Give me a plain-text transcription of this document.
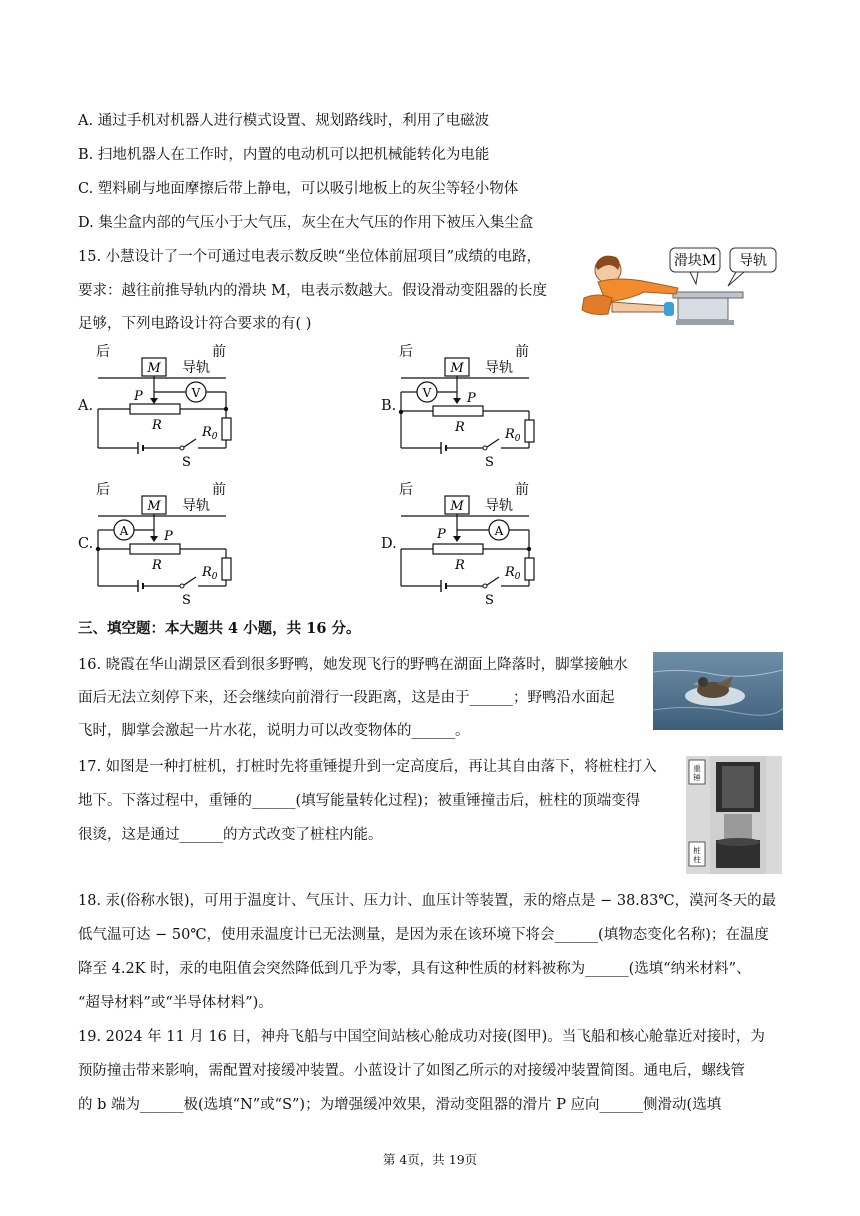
A. 通过手机对机器人进行模式设置、规划路线时，利用了电磁波
B. 扫地机器人在工作时，内置的电动机可以把机械能转化为电能
C. 塑料刷与地面摩擦后带上静电，可以吸引地板上的灰尘等轻小物体
D. 集尘盒内部的气压小于大气压，灰尘在大气压的作用下被压入集尘盒
15. 小慧设计了一个可通过电表示数反映“坐位体前屈项目”成绩的电路，
要求：越往前推导轨内的滑块 M，电表示数越大。假设滑动变阻器的长度
足够，下列电路设计符合要求的有( )
滑块M 导轨
A.
后	前
M 导轨
P	V
R	$R_0$
S
B.
后	前
M 导轨
P
V
R	$R_0$
S
C.
后	前
M 导轨
P
A
R	$R_0$
S
D.
后	前
M 导轨
P	A
R	$R_0$
S
三、填空题：本大题共 4 小题，共 16 分。
16. 晓霞在华山湖景区看到很多野鸭，她发现飞行的野鸭在湖面上降落时，脚掌接触水
面后无法立刻停下来，还会继续向前滑行一段距离，这是由于______；野鸭沿水面起
飞时，脚掌会激起一片水花，说明力可以改变物体的______。
17. 如图是一种打桩机，打桩时先将重锤提升到一定高度后，再让其自由落下，将桩柱打入
地下。下落过程中，重锤的______(填写能量转化过程)；被重锤撞击后，桩柱的顶端变得
很烫，这是通过______的方式改变了桩柱内能。
重锤
桩柱
18. 汞(俗称水银)，可用于温度计、气压计、压力计、血压计等装置，汞的熔点是 − 38.83℃，漠河冬天的最
低气温可达 − 50℃，使用汞温度计已无法测量，是因为汞在该环境下将会______(填物态变化名称)；在温度
降至 4.2K 时，汞的电阻值会突然降低到几乎为零，具有这种性质的材料被称为______(选填“纳米材料”、
“超导材料”或“半导体材料”)。
19. 2024 年 11 月 16 日，神舟飞船与中国空间站核心舱成功对接(图甲)。当飞船和核心舱靠近对接时，为
预防撞击带来影响，需配置对接缓冲装置。小蓝设计了如图乙所示的对接缓冲装置简图。通电后，螺线管
的 b 端为______极(选填“N”或“S”)；为增强缓冲效果，滑动变阻器的滑片 P 应向______侧滑动(选填
第 4页，共 19页
